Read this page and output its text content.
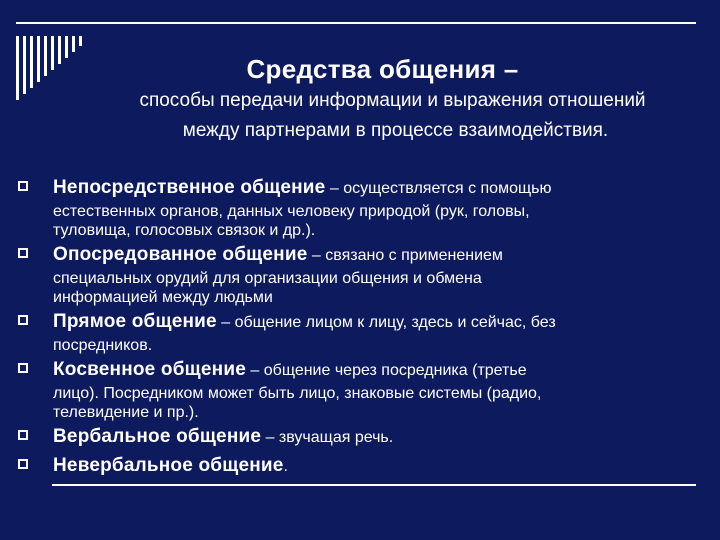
Средства общения –
способы передачи информации и выражения отношений
между партнерами в процессе взаимодействия.
Непосредственное общение – осуществляется с помощью
естественных органов, данных человеку природой (рук, головы,
туловища, голосовых связок и др.).
Опосредованное общение – связано с применением
специальных орудий для организации общения и обмена
информацией между людьми
Прямое общение – общение лицом к лицу, здесь и сейчас, без
посредников.
Косвенное общение – общение через посредника (третье
лицо). Посредником может быть лицо, знаковые системы (радио,
телевидение и пр.).
Вербальное общение – звучащая речь.
Невербальное общение.
